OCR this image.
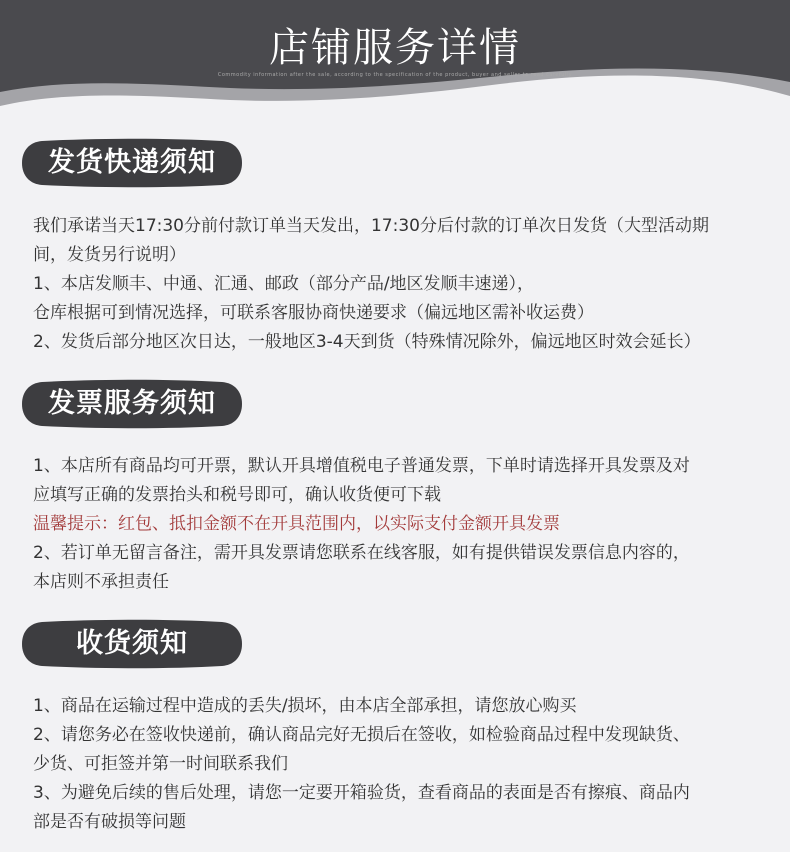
店铺服务详情
Commodity information after the sale, according to the specification of the product, buyer and seller to read carefully
发货快递须知

我们承诺当天17:30分前付款订单当天发出，17:30分后付款的订单次日发货（大型活动期

间，发货另行说明）

1、本店发顺丰、中通、汇通、邮政（部分产品/地区发顺丰速递），

仓库根据可到情况选择，可联系客服协商快递要求（偏远地区需补收运费）

2、发货后部分地区次日达，一般地区3-4天到货（特殊情况除外，偏远地区时效会延长）

发票服务须知

1、本店所有商品均可开票，默认开具增值税电子普通发票，下单时请选择开具发票及对

应填写正确的发票抬头和税号即可，确认收货便可下载

温馨提示：红包、抵扣金额不在开具范围内，以实际支付金额开具发票

2、若订单无留言备注，需开具发票请您联系在线客服，如有提供错误发票信息内容的，

本店则不承担责任

收货须知

1、商品在运输过程中造成的丢失/损坏，由本店全部承担，请您放心购买

2、请您务必在签收快递前，确认商品完好无损后在签收，如检验商品过程中发现缺货、

少货、可拒签并第一时间联系我们

3、为避免后续的售后处理，请您一定要开箱验货，查看商品的表面是否有擦痕、商品内

部是否有破损等问题
